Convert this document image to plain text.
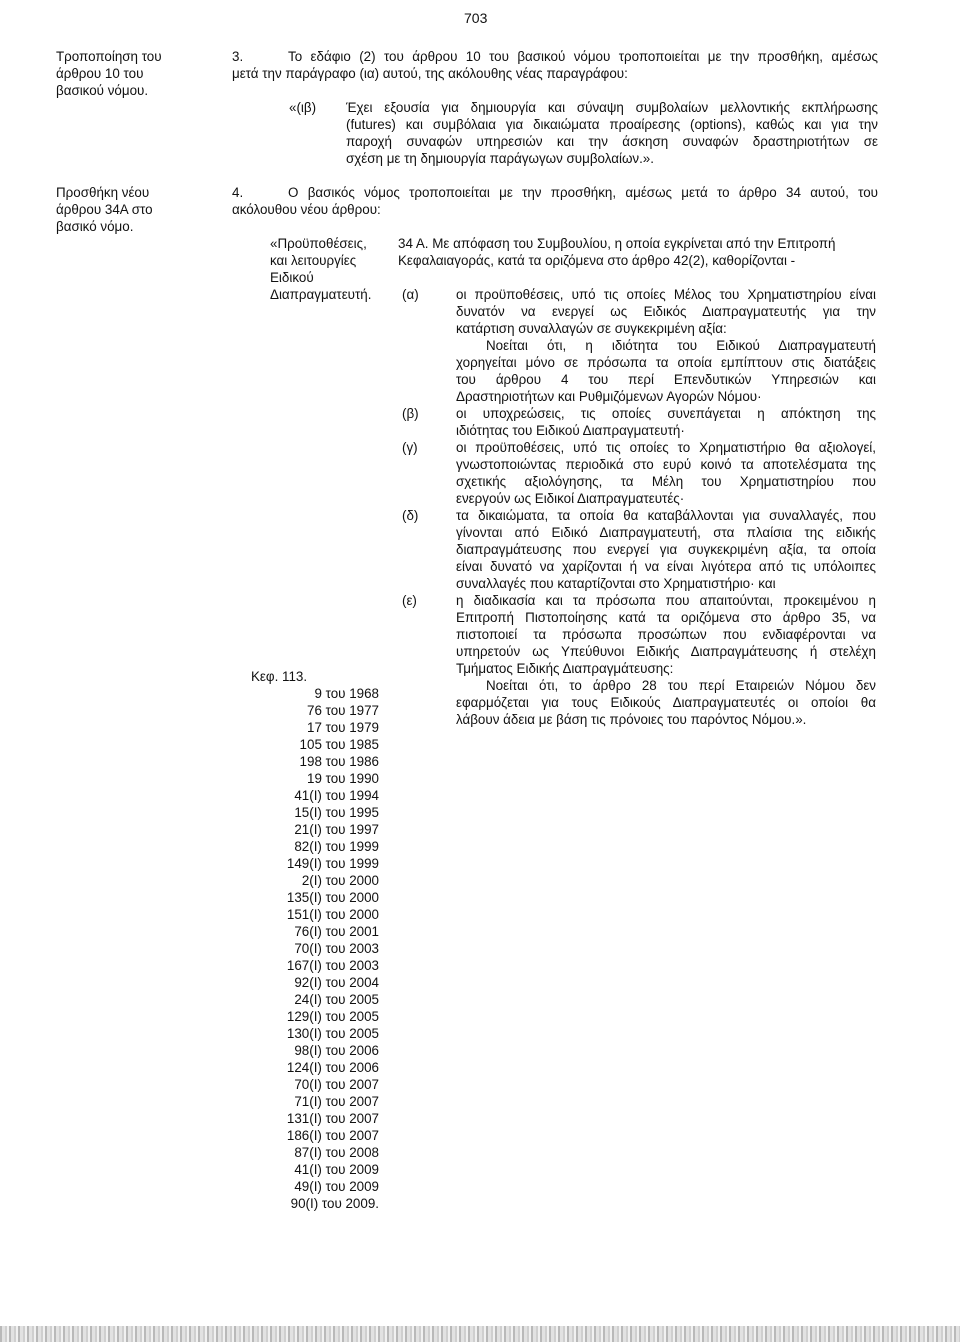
703
Τροποποίηση του
άρθρου 10 του
βασικού νόμου.
Προσθήκη νέου
άρθρου 34Α στο
βασικό νόμο.
3.	Το εδάφιο (2) του άρθρου 10 του βασικού νόμου τροποποιείται με την προσθήκη, αμέσως
μετά την παράγραφο (ια) αυτού, της ακόλουθης νέας παραγράφου:
«(ιβ) Έχει εξουσία για δημιουργία και σύναψη συμβολαίων μελλοντικής εκπλήρωσης
(futures) και συμβόλαια για δικαιώματα προαίρεσης (options), καθώς και για την
παροχή συναφών υπηρεσιών και την άσκηση συναφών δραστηριοτήτων σε
σχέση με τη δημιουργία παράγωγων συμβολαίων.».
4.	Ο βασικός νόμος τροποποιείται με την προσθήκη, αμέσως μετά το άρθρο 34 αυτού, του
ακόλουθου νέου άρθρου:
«Προϋποθέσεις,
και λειτουργίες
Ειδικού
Διαπραγματευτή.
34 Α. Με απόφαση του Συμβουλίου, η οποία εγκρίνεται από την Επιτροπή
Κεφαλαιαγοράς, κατά τα οριζόμενα στο άρθρο 42(2), καθορίζονται -
(α)	οι προϋποθέσεις, υπό τις οποίες Μέλος του Χρηματιστηρίου είναι
δυνατόν να ενεργεί ως Ειδικός Διαπραγματευτής για την
κατάρτιση συναλλαγών σε συγκεκριμένη αξία:
Νοείται ότι, η ιδιότητα του Ειδικού Διαπραγματευτή
χορηγείται μόνο σε πρόσωπα τα οποία εμπίπτουν στις διατάξεις
του άρθρου 4 του περί Επενδυτικών Υπηρεσιών και
Δραστηριοτήτων και Ρυθμιζόμενων Αγορών Νόμου·
(β)	οι υποχρεώσεις, τις οποίες συνεπάγεται η απόκτηση της
ιδιότητας του Ειδικού Διαπραγματευτή·
(γ)	οι προϋποθέσεις, υπό τις οποίες το Χρηματιστήριο θα αξιολογεί,
γνωστοποιώντας περιοδικά στο ευρύ κοινό τα αποτελέσματα της
σχετικής αξιολόγησης, τα Μέλη του Χρηματιστηρίου που
ενεργούν ως Ειδικοί Διαπραγματευτές·
(δ)	τα δικαιώματα, τα οποία θα καταβάλλονται για συναλλαγές, που
γίνονται από Ειδικό Διαπραγματευτή, στα πλαίσια της ειδικής
διαπραγμάτευσης που ενεργεί για συγκεκριμένη αξία, τα οποία
είναι δυνατό να χαρίζονται ή να είναι λιγότερα από τις υπόλοιπες
συναλλαγές που καταρτίζονται στο Χρηματιστήριο· και
(ε)	η διαδικασία και τα πρόσωπα που απαιτούνται, προκειμένου η
Επιτροπή Πιστοποίησης κατά τα οριζόμενα στο άρθρο 35, να
πιστοποιεί τα πρόσωπα προσώπων που ενδιαφέρονται να
υπηρετούν ως Υπεύθυνοι Ειδικής Διαπραγμάτευσης ή στελέχη
Τμήματος Ειδικής Διαπραγμάτευσης:
Νοείται ότι, το άρθρο 28 του περί Εταιρειών Νόμου δεν
εφαρμόζεται για τους Ειδικούς Διαπραγματευτές οι οποίοι θα
λάβουν άδεια με βάση τις πρόνοιες του παρόντος Νόμου.».
Κεφ. 113.
9 του 1968
76 του 1977
17 του 1979
105 του 1985
198 του 1986
19 του 1990
41(Ι) του 1994
15(Ι) του 1995
21(Ι) του 1997
82(Ι) του 1999
149(Ι) του 1999
2(Ι) του 2000
135(Ι) του 2000
151(Ι) του 2000
76(Ι) του 2001
70(Ι) του 2003
167(Ι) του 2003
92(Ι) του 2004
24(Ι) του 2005
129(Ι) του 2005
130(Ι) του 2005
98(Ι) του 2006
124(Ι) του 2006
70(Ι) του 2007
71(Ι) του 2007
131(Ι) του 2007
186(Ι) του 2007
87(Ι) του 2008
41(Ι) του 2009
49(Ι) του 2009
90(Ι) του 2009.
